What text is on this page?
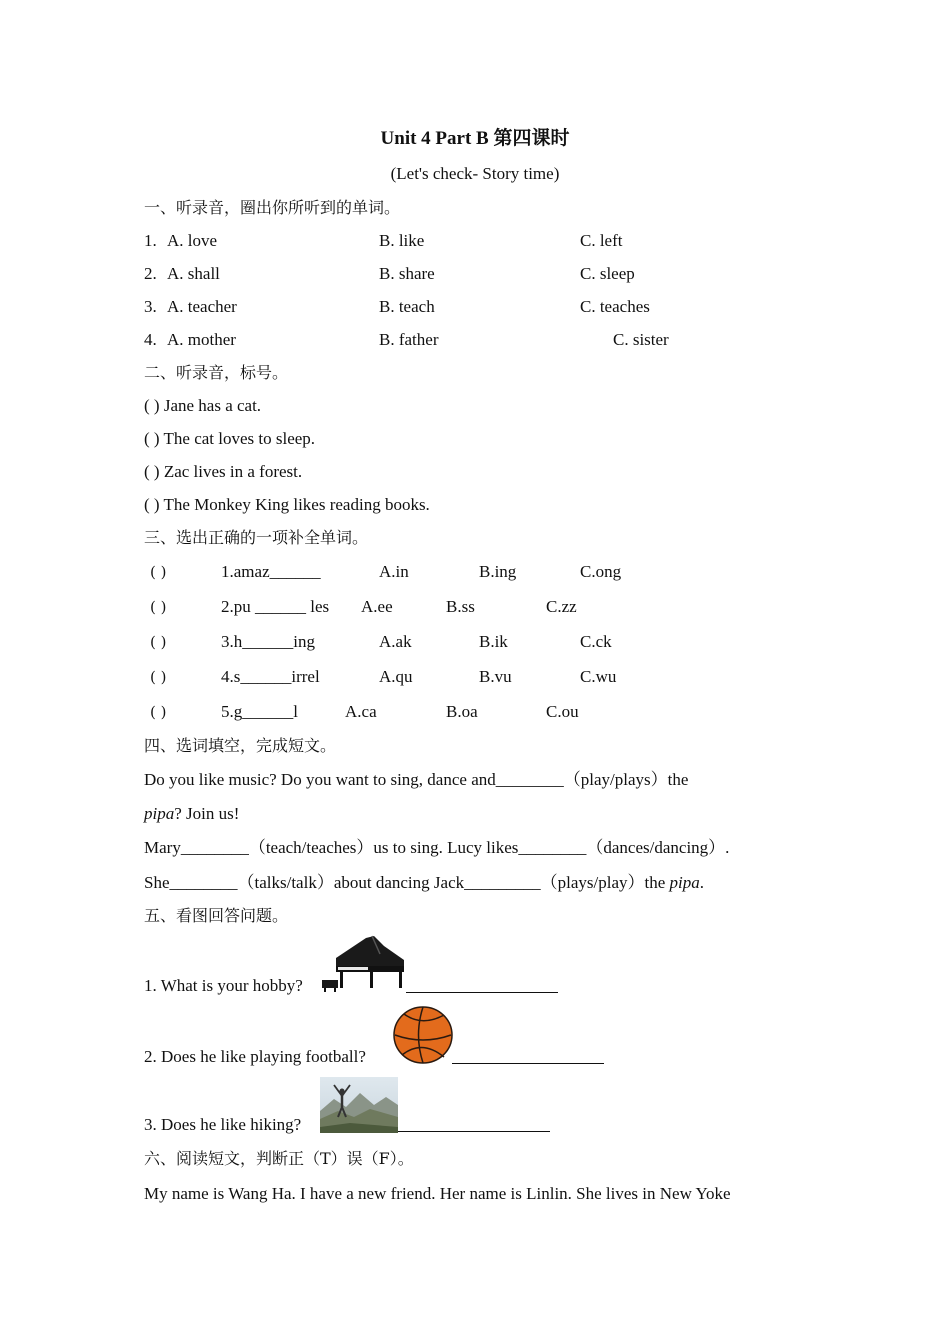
Unit 4 Part B 第四课时
(Let's check- Story time)
一、听录音，圈出你所听到的单词。
1. A. love	B. like	C. left
2. A. shall	B. share	C. sleep
3. A. teacher	B. teach	C. teaches
4. A. mother	B. father	C. sister
二、听录音，标号。
( ) Jane has a cat.
( ) The cat loves to sleep.
( ) Zac lives in a forest.
( ) The Monkey King likes reading books.
三、选出正确的一项补全单词。
( )	1.amaz______	A.in	B.ing	C.ong
( )	2.pu ______ les A.ee	B.ss	C.zz
( )	3.h______ing	A.ak	B.ik	C.ck
( )	4.s______irrel	A.qu	B.vu	C.wu
( )	5.g______l	A.ca	B.oa	C.ou
四、选词填空，完成短文。
Do you like music? Do you want to sing, dance and________（play/plays）the
pipa? Join us!
Mary________（teach/teaches）us to sing. Lucy likes________（dances/dancing）.
She________（talks/talk）about dancing Jack_________（plays/play）the pipa.
五、看图回答问题。
1. What is your hobby?
2. Does he like playing football?
3. Does he like hiking?
六、阅读短文，判断正（T）误（F）。
My name is Wang Ha. I have a new friend. Her name is Linlin. She lives in New Yoke
